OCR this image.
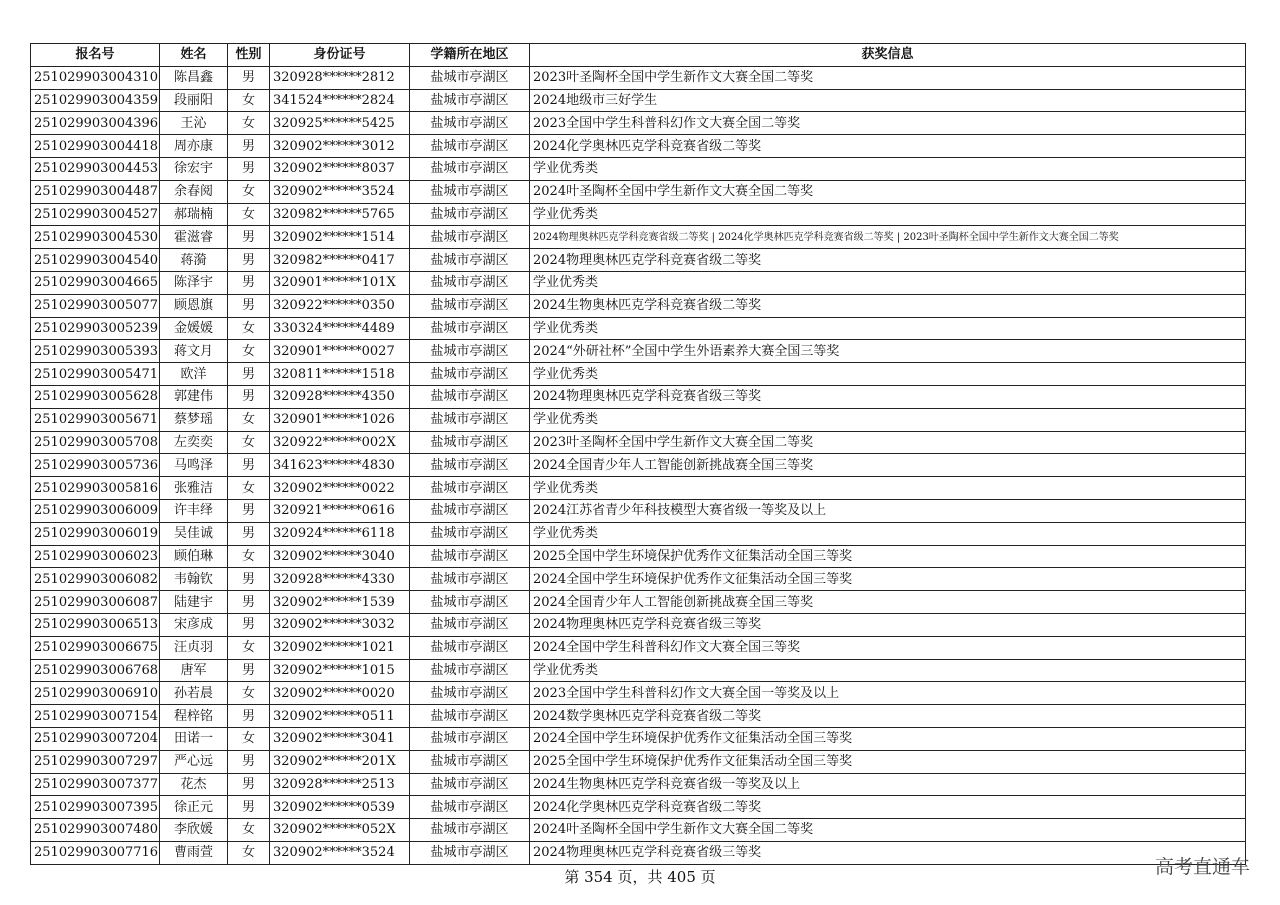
报名号	姓名	性别	身份证号	学籍所在地区	获奖信息
251029903004310	陈昌鑫	男	320928******2812	盐城市亭湖区	2023叶圣陶杯全国中学生新作文大赛全国二等奖
251029903004359	段丽阳	女	341524******2824	盐城市亭湖区	2024地级市三好学生
251029903004396	王沁	女	320925******5425	盐城市亭湖区	2023全国中学生科普科幻作文大赛全国二等奖
251029903004418	周亦康	男	320902******3012	盐城市亭湖区	2024化学奥林匹克学科竞赛省级二等奖
251029903004453	徐宏宇	男	320902******8037	盐城市亭湖区	学业优秀类
251029903004487	余春阅	女	320902******3524	盐城市亭湖区	2024叶圣陶杯全国中学生新作文大赛全国二等奖
251029903004527	郝瑞楠	女	320982******5765	盐城市亭湖区	学业优秀类
251029903004530	霍滋睿	男	320902******1514	盐城市亭湖区	2024物理奥林匹克学科竞赛省级二等奖 | 2024化学奥林匹克学科竞赛省级二等奖 | 2023叶圣陶杯全国中学生新作文大赛全国二等奖
251029903004540	蒋漪	男	320982******0417	盐城市亭湖区	2024物理奥林匹克学科竞赛省级二等奖
251029903004665	陈泽宇	男	320901******101X	盐城市亭湖区	学业优秀类
251029903005077	顾恩旗	男	320922******0350	盐城市亭湖区	2024生物奥林匹克学科竞赛省级二等奖
251029903005239	金媛媛	女	330324******4489	盐城市亭湖区	学业优秀类
251029903005393	蒋文月	女	320901******0027	盐城市亭湖区	2024“外研社杯”全国中学生外语素养大赛全国三等奖
251029903005471	欧洋	男	320811******1518	盐城市亭湖区	学业优秀类
251029903005628	郭建伟	男	320928******4350	盐城市亭湖区	2024物理奥林匹克学科竞赛省级三等奖
251029903005671	蔡梦瑶	女	320901******1026	盐城市亭湖区	学业优秀类
251029903005708	左奕奕	女	320922******002X	盐城市亭湖区	2023叶圣陶杯全国中学生新作文大赛全国二等奖
251029903005736	马鸣泽	男	341623******4830	盐城市亭湖区	2024全国青少年人工智能创新挑战赛全国三等奖
251029903005816	张雅洁	女	320902******0022	盐城市亭湖区	学业优秀类
251029903006009	许丰绎	男	320921******0616	盐城市亭湖区	2024江苏省青少年科技模型大赛省级一等奖及以上
251029903006019	吴佳诚	男	320924******6118	盐城市亭湖区	学业优秀类
251029903006023	顾伯琳	女	320902******3040	盐城市亭湖区	2025全国中学生环境保护优秀作文征集活动全国三等奖
251029903006082	韦翰钦	男	320928******4330	盐城市亭湖区	2024全国中学生环境保护优秀作文征集活动全国三等奖
251029903006087	陆建宇	男	320902******1539	盐城市亭湖区	2024全国青少年人工智能创新挑战赛全国三等奖
251029903006513	宋彦成	男	320902******3032	盐城市亭湖区	2024物理奥林匹克学科竞赛省级三等奖
251029903006675	汪贞羽	女	320902******1021	盐城市亭湖区	2024全国中学生科普科幻作文大赛全国三等奖
251029903006768	唐军	男	320902******1015	盐城市亭湖区	学业优秀类
251029903006910	孙若晨	女	320902******0020	盐城市亭湖区	2023全国中学生科普科幻作文大赛全国一等奖及以上
251029903007154	程梓铭	男	320902******0511	盐城市亭湖区	2024数学奥林匹克学科竞赛省级二等奖
251029903007204	田诺一	女	320902******3041	盐城市亭湖区	2024全国中学生环境保护优秀作文征集活动全国三等奖
251029903007297	严心远	男	320902******201X	盐城市亭湖区	2025全国中学生环境保护优秀作文征集活动全国三等奖
251029903007377	花杰	男	320928******2513	盐城市亭湖区	2024生物奥林匹克学科竞赛省级一等奖及以上
251029903007395	徐正元	男	320902******0539	盐城市亭湖区	2024化学奥林匹克学科竞赛省级二等奖
251029903007480	李欣媛	女	320902******052X	盐城市亭湖区	2024叶圣陶杯全国中学生新作文大赛全国二等奖
251029903007716	曹雨萱	女	320902******3524	盐城市亭湖区	2024物理奥林匹克学科竞赛省级三等奖
第 354 页，共 405 页	高考直通车
